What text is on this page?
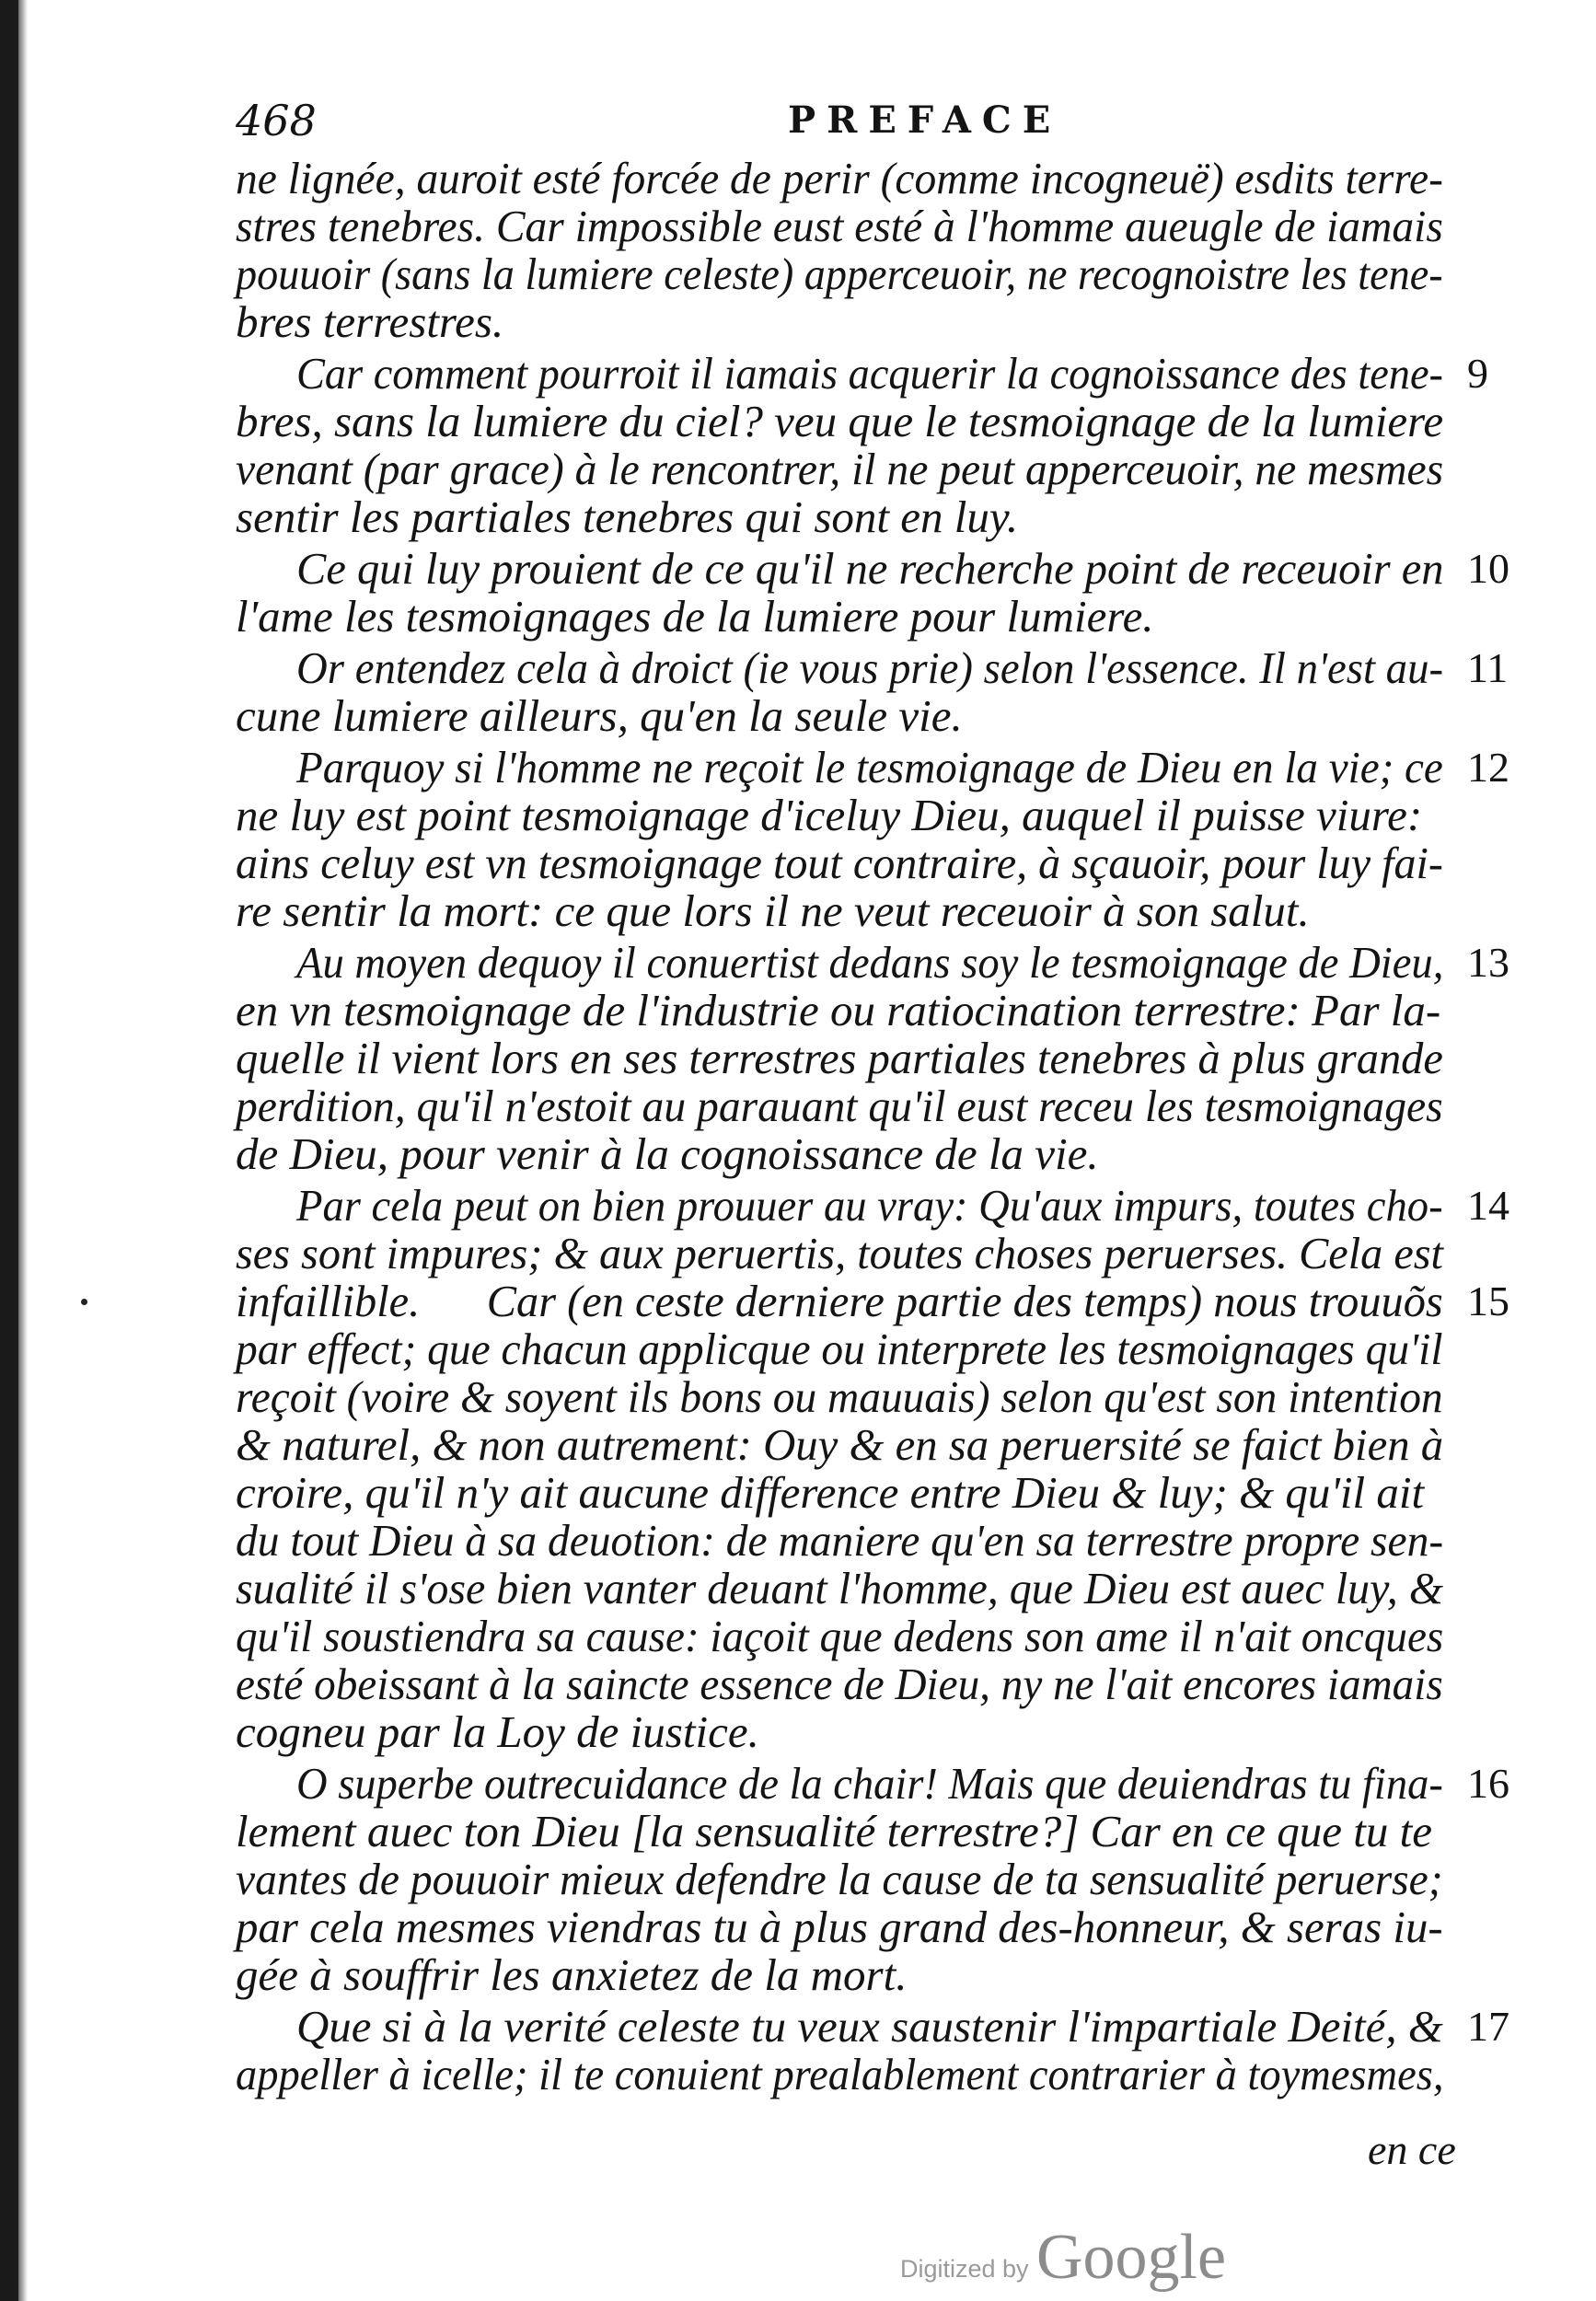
468	PREFACE
ne lignée, auroit esté forcée de perir (comme incogneuë) esdits terre-
stres tenebres. Car impossible eust esté à l'homme aueugle de iamais
pouuoir (sans la lumiere celeste) apperceuoir, ne recognoistre les tene-
bres terrestres.
Car comment pourroit il iamais acquerir la cognoissance des tene-
bres, sans la lumiere du ciel? veu que le tesmoignage de la lumiere
venant (par grace) à le rencontrer, il ne peut apperceuoir, ne mesmes
sentir les partiales tenebres qui sont en luy.
Ce qui luy prouient de ce qu'il ne recherche point de receuoir en
l'ame les tesmoignages de la lumiere pour lumiere.
Or entendez cela à droict (ie vous prie) selon l'essence. Il n'est au-
cune lumiere ailleurs, qu'en la seule vie.
Parquoy si l'homme ne reçoit le tesmoignage de Dieu en la vie; ce
ne luy est point tesmoignage d'iceluy Dieu, auquel il puisse viure:
ains celuy est vn tesmoignage tout contraire, à sçauoir, pour luy fai-
re sentir la mort: ce que lors il ne veut receuoir à son salut.
Au moyen dequoy il conuertist dedans soy le tesmoignage de Dieu,
en vn tesmoignage de l'industrie ou ratiocination terrestre: Par la-
quelle il vient lors en ses terrestres partiales tenebres à plus grande
perdition, qu'il n'estoit au parauant qu'il eust receu les tesmoignages
de Dieu, pour venir à la cognoissance de la vie.
Par cela peut on bien prouuer au vray: Qu'aux impurs, toutes cho-
ses sont impures; & aux peruertis, toutes choses peruerses. Cela est
infaillible.      Car (en ceste derniere partie des temps) nous trouuõs
par effect; que chacun applicque ou interprete les tesmoignages qu'il
reçoit (voire & soyent ils bons ou mauuais) selon qu'est son intention
& naturel, & non autrement: Ouy & en sa peruersité se faict bien à
croire, qu'il n'y ait aucune difference entre Dieu & luy; & qu'il ait
du tout Dieu à sa deuotion: de maniere qu'en sa terrestre propre sen-
sualité il s'ose bien vanter deuant l'homme, que Dieu est auec luy, &
qu'il soustiendra sa cause: iaçoit que dedens son ame il n'ait oncques
esté obeissant à la saincte essence de Dieu, ny ne l'ait encores iamais
cogneu par la Loy de iustice.
O superbe outrecuidance de la chair! Mais que deuiendras tu fina-
lement auec ton Dieu [la sensualité terrestre?] Car en ce que tu te
vantes de pouuoir mieux defendre la cause de ta sensualité peruerse;
par cela mesmes viendras tu à plus grand des-honneur, & seras iu-
gée à souffrir les anxietez de la mort.
Que si à la verité celeste tu veux saustenir l'impartiale Deité, &
appeller à icelle; il te conuient prealablement contrarier à toymesmes,
9
10
11
12
13
14
15
16
17
en ce
Digitized by Google
